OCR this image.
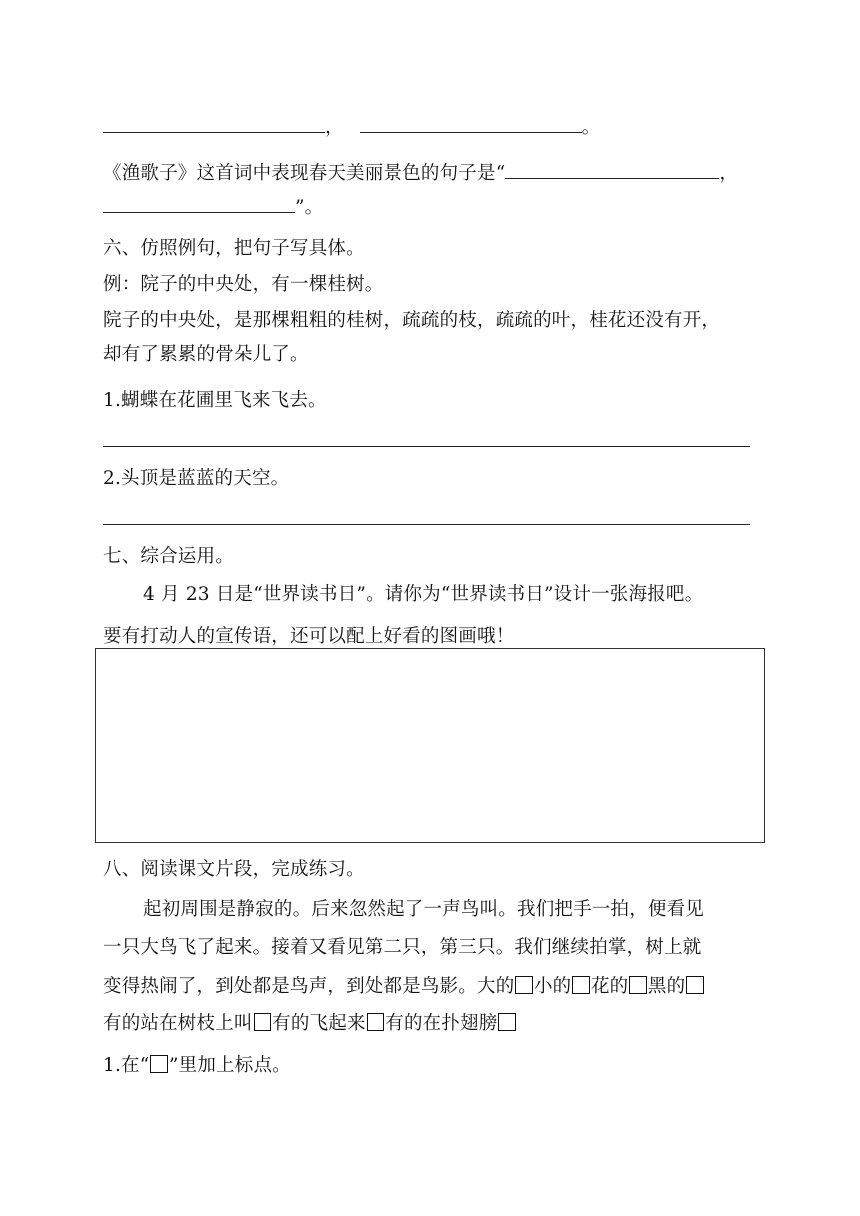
，	。
《渔歌子》这首词中表现春天美丽景色的句子是“	，
”。
六、仿照例句，把句子写具体。
例：院子的中央处，有一棵桂树。
院子的中央处，是那棵粗粗的桂树，疏疏的枝，疏疏的叶，桂花还没有开，
却有了累累的骨朵儿了。
1.蝴蝶在花圃里飞来飞去。
2.头顶是蓝蓝的天空。
七、综合运用。
4 月 23 日是“世界读书日”。请你为“世界读书日”设计一张海报吧。
要有打动人的宣传语，还可以配上好看的图画哦！
八、阅读课文片段，完成练习。
起初周围是静寂的。后来忽然起了一声鸟叫。我们把手一拍，便看见
一只大鸟飞了起来。接着又看见第二只，第三只。我们继续拍掌，树上就
变得热闹了，到处都是鸟声，到处都是鸟影。大的 小的 花的 黑的
有的站在树枝上叫 有的飞起来 有的在扑翅膀
1.在“ ”里加上标点。
